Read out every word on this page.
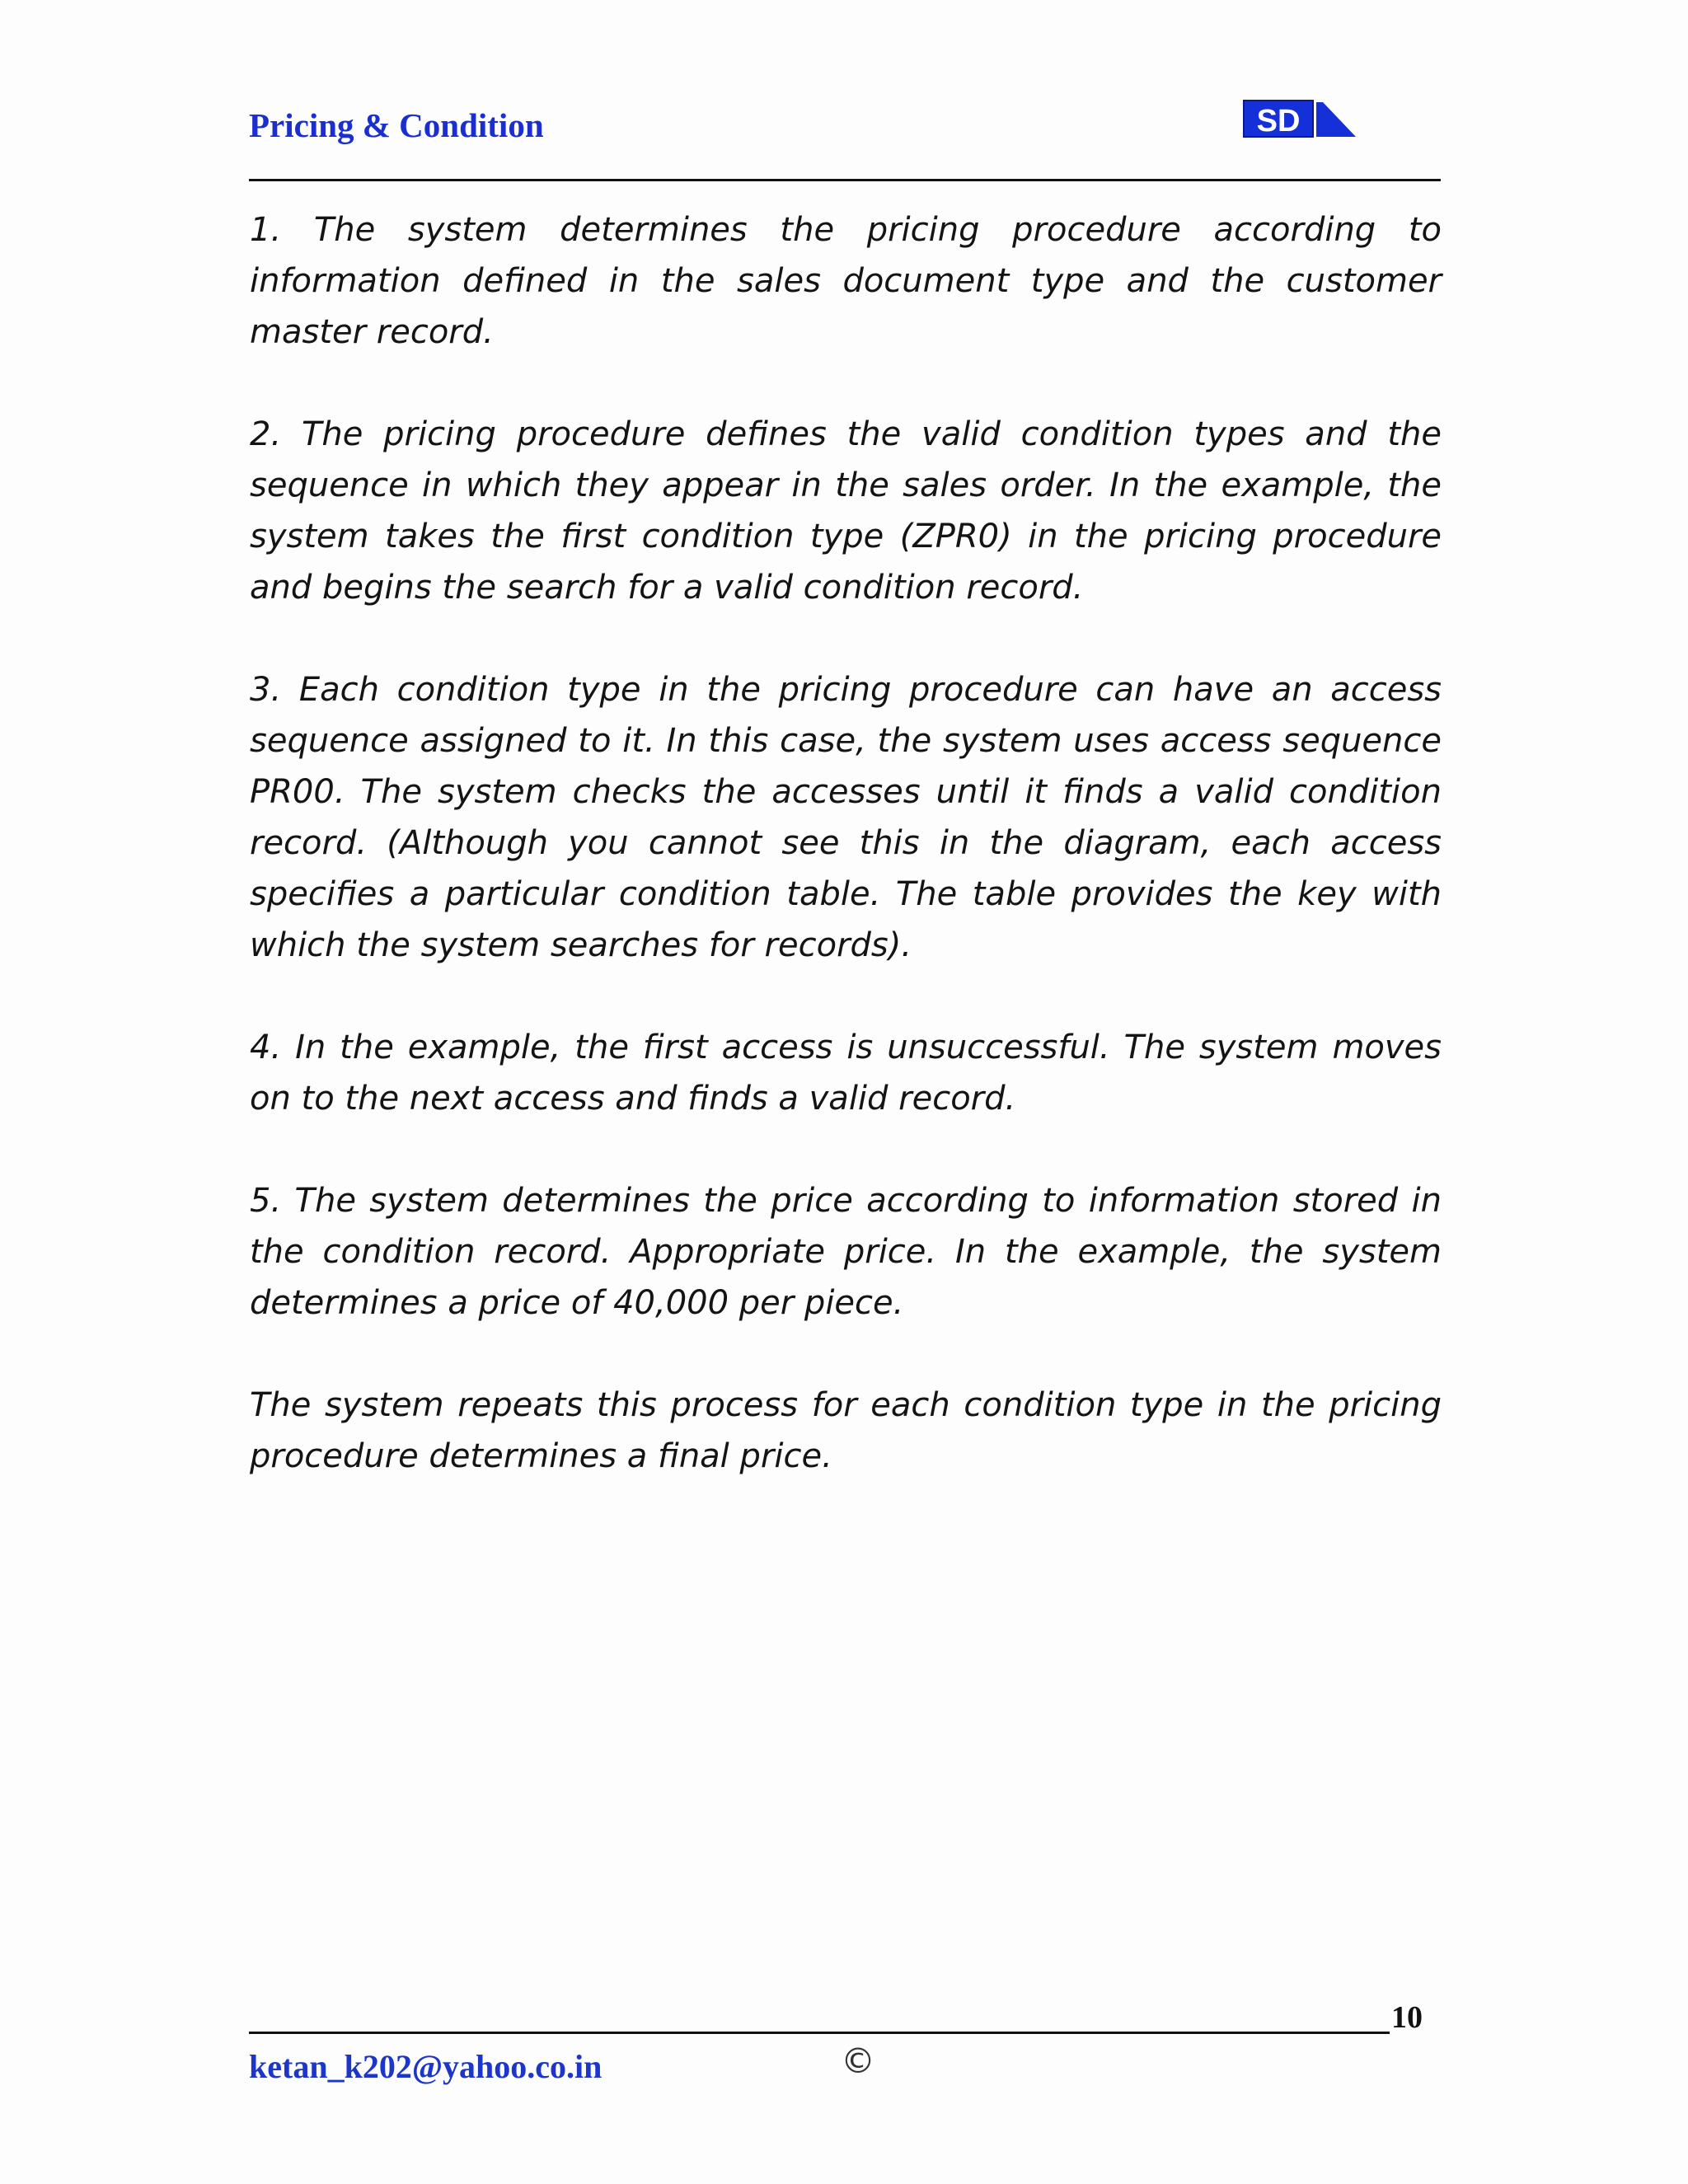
Pricing & Condition	SD

1. The system determines the pricing procedure according to information defined in the sales document type and the customer master record.

2. The pricing procedure defines the valid condition types and the sequence in which they appear in the sales order. In the example, the system takes the first condition type (ZPR0) in the pricing procedure and begins the search for a valid condition record.

3. Each condition type in the pricing procedure can have an access sequence assigned to it. In this case, the system uses access sequence PR00. The system checks the accesses until it finds a valid condition record. (Although you cannot see this in the diagram, each access specifies a particular condition table. The table provides the key with which the system searches for records).

4. In the example, the first access is unsuccessful. The system moves on to the next access and finds a valid record.

5. The system determines the price according to information stored in the condition record. Appropriate price. In the example, the system determines a price of 40,000 per piece.

The system repeats this process for each condition type in the pricing procedure determines a final price.

10
ketan_k202@yahoo.co.in	©
